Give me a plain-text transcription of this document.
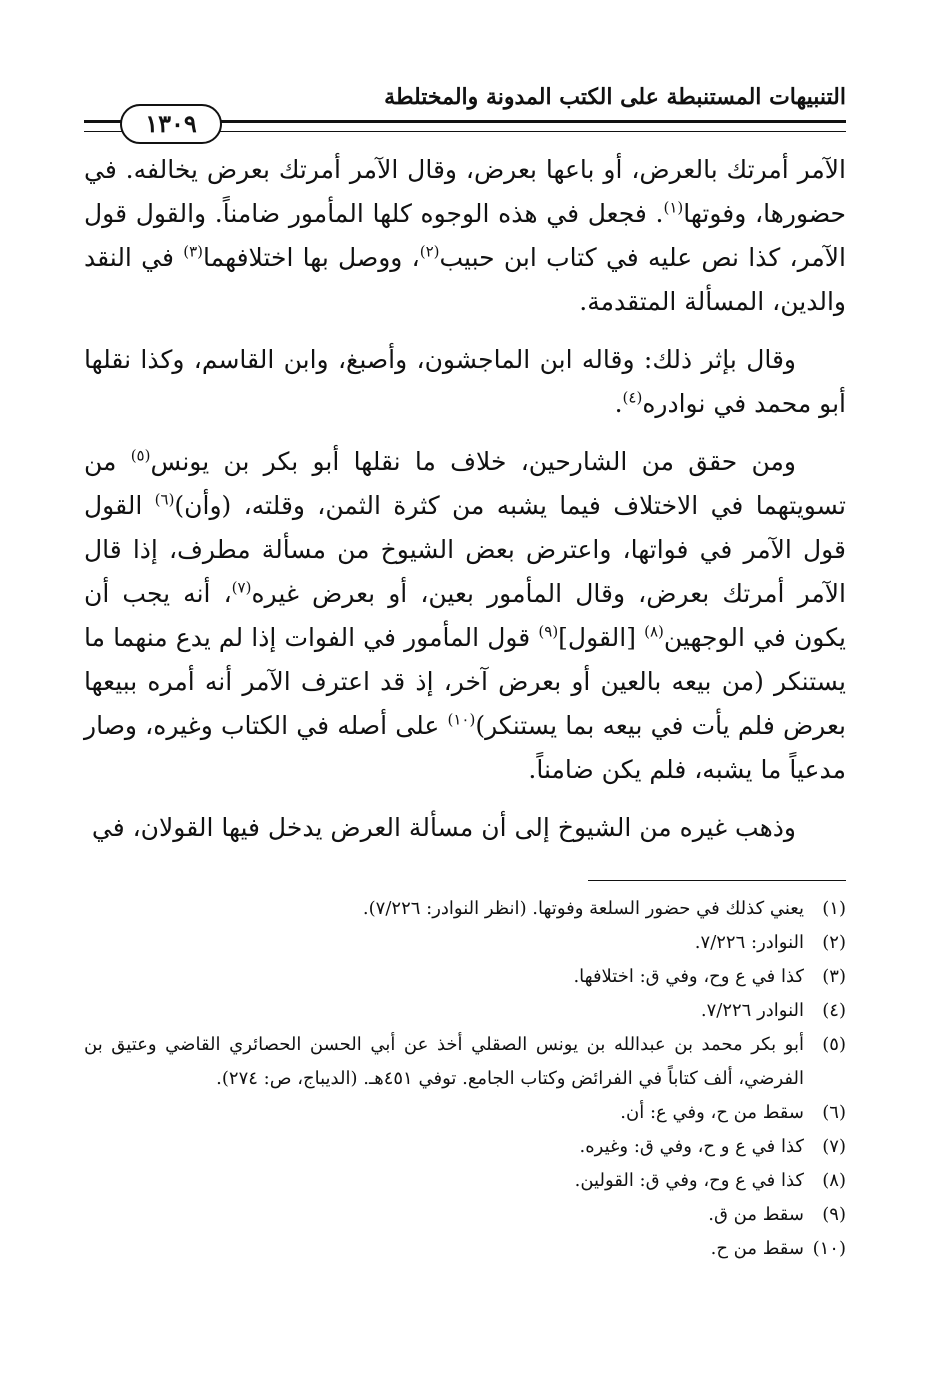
التنبيهات المستنبطة على الكتب المدونة والمختلطة
١٣٠٩

الآمر أمرتك بالعرض، أو باعها بعرض، وقال الآمر أمرتك بعرض يخالفه. في حضورها، وفوتها$^{(١)}$. فجعل في هذه الوجوه كلها المأمور ضامناً. والقول قول الآمر، كذا نص عليه في كتاب ابن حبيب$^{(٢)}$، ووصل بها اختلافهما$^{(٣)}$ في النقد والدين، المسألة المتقدمة.

وقال بإثر ذلك: وقاله ابن الماجشون، وأصبغ، وابن القاسم، وكذا نقلها أبو محمد في نوادره$^{(٤)}$.

ومن حقق من الشارحين، خلاف ما نقلها أبو بكر بن يونس$^{(٥)}$ من تسويتهما في الاختلاف فيما يشبه من كثرة الثمن، وقلته، (وأن)$^{(٦)}$ القول قول الآمر في فواتها، واعترض بعض الشيوخ من مسألة مطرف، إذا قال الآمر أمرتك بعرض، وقال المأمور بعين، أو بعرض غيره$^{(٧)}$، أنه يجب أن يكون في الوجهين$^{(٨)}$ [القول]$^{(٩)}$ قول المأمور في الفوات إذا لم يدع منهما ما يستنكر (من بيعه بالعين أو بعرض آخر، إذ قد اعترف الآمر أنه أمره ببيعها بعرض فلم يأت في بيعه بما يستنكر)$^{(١٠)}$ على أصله في الكتاب وغيره، وصار مدعياً ما يشبه، فلم يكن ضامناً.

وذهب غيره من الشيوخ إلى أن مسألة العرض يدخل فيها القولان، في

(١)
يعني كذلك في حضور السلعة وفوتها. (انظر النوادر: ٧/٢٢٦).
(٢)
النوادر: ٧/٢٢٦.
(٣)
كذا في ع وح، وفي ق: اختلافها.
(٤)
النوادر ٧/٢٢٦.
(٥)
أبو بكر محمد بن عبدالله بن يونس الصقلي أخذ عن أبي الحسن الحصائري القاضي وعتيق بن الفرضي، ألف كتاباً في الفرائض وكتاب الجامع. توفي ٤٥١هـ. (الديباج، ص: ٢٧٤).
(٦)
سقط من ح، وفي ع: أن.
(٧)
كذا في ع و ح، وفي ق: وغيره.
(٨)
كذا في ع وح، وفي ق: القولين.
(٩)
سقط من ق.
(١٠)
سقط من ح.
